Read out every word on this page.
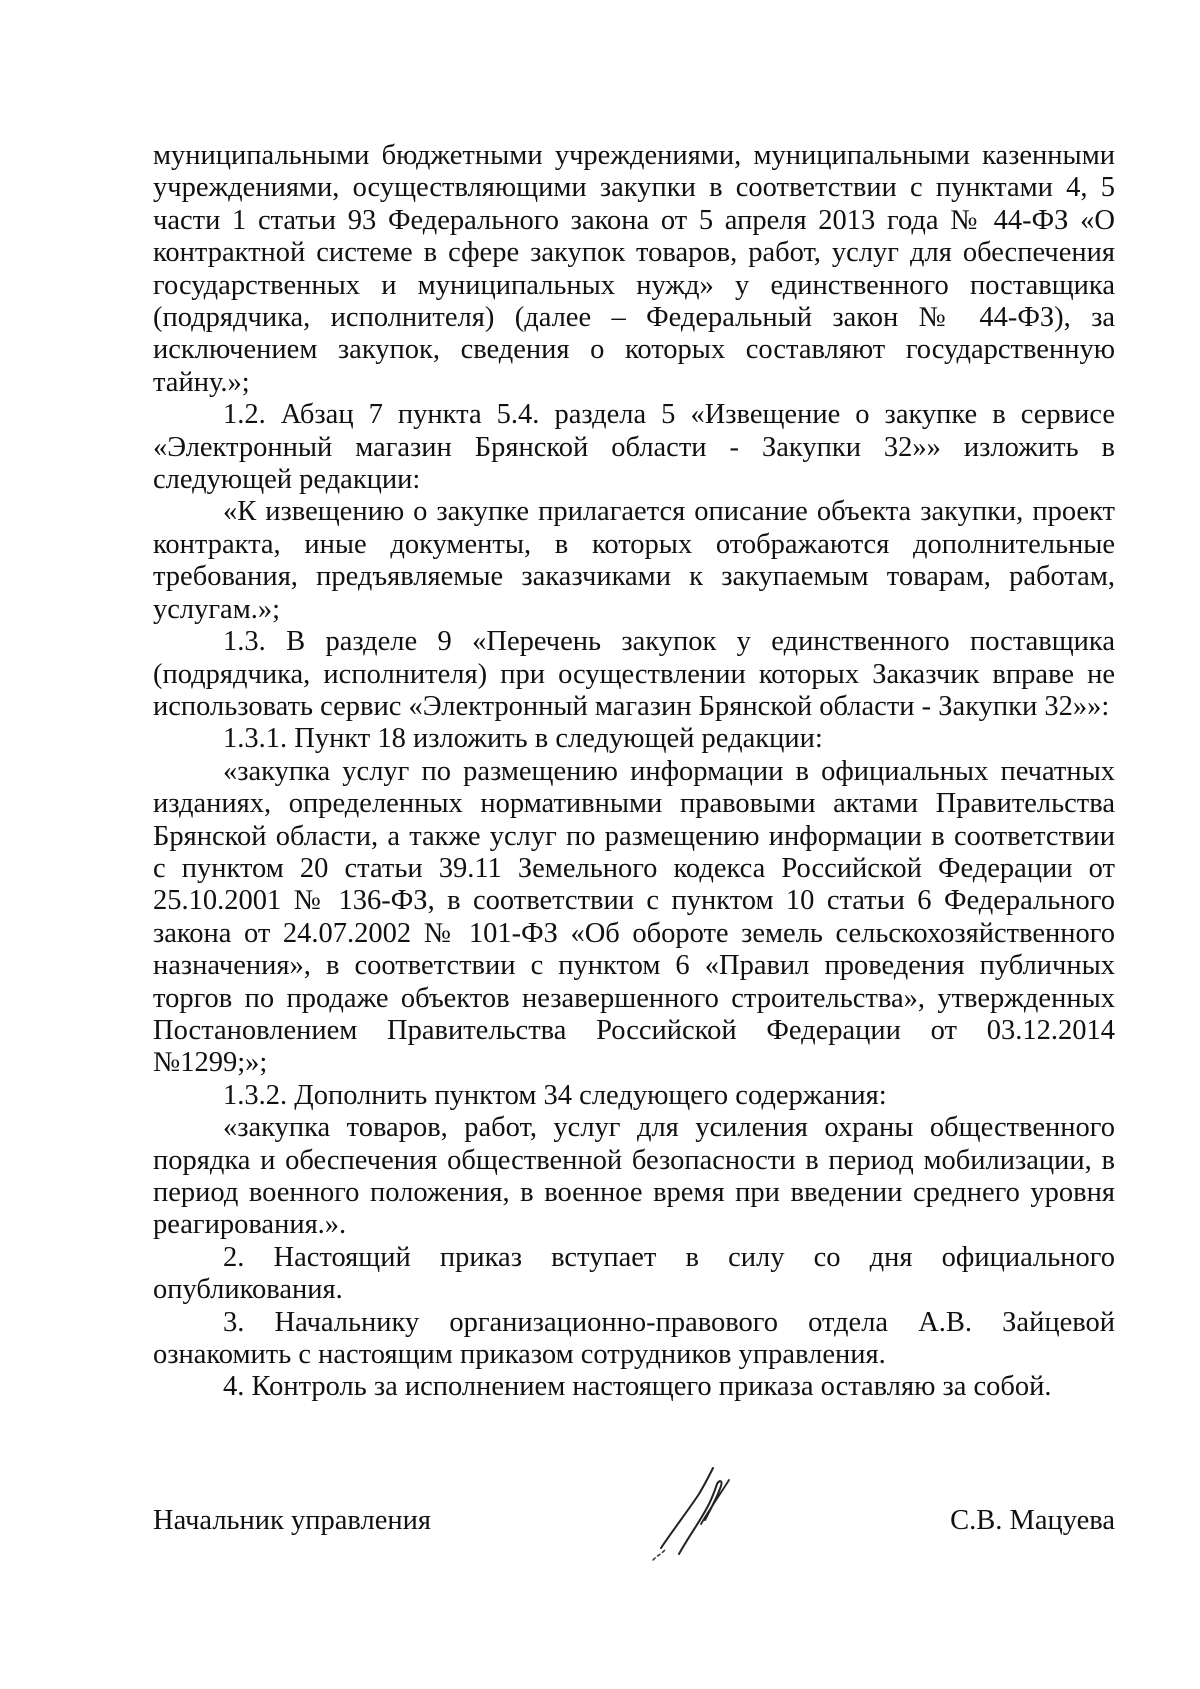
муниципальными бюджетными учреждениями, муниципальными казенными учреждениями, осуществляющими закупки в соответствии с пунктами 4, 5 части 1 статьи 93 Федерального закона от 5 апреля 2013 года № 44-ФЗ «О контрактной системе в сфере закупок товаров, работ, услуг для обеспечения государственных и муниципальных нужд» у единственного поставщика (подрядчика, исполнителя) (далее – Федеральный закон № 44-ФЗ), за исключением закупок, сведения о которых составляют государственную тайну.»;

1.2. Абзац 7 пункта 5.4. раздела 5 «Извещение о закупке в сервисе «Электронный магазин Брянской области - Закупки 32»» изложить в следующей редакции:

«К извещению о закупке прилагается описание объекта закупки, проект контракта, иные документы, в которых отображаются дополнительные требования, предъявляемые заказчиками к закупаемым товарам, работам, услугам.»;

1.3. В разделе 9 «Перечень закупок у единственного поставщика (подрядчика, исполнителя) при осуществлении которых Заказчик вправе не использовать сервис «Электронный магазин Брянской области - Закупки 32»»:

1.3.1. Пункт 18 изложить в следующей редакции:

«закупка услуг по размещению информации в официальных печатных изданиях, определенных нормативными правовыми актами Правительства Брянской области, а также услуг по размещению информации в соответствии с пунктом 20 статьи 39.11 Земельного кодекса Российской Федерации от 25.10.2001 № 136-ФЗ, в соответствии с пунктом 10 статьи 6 Федерального закона от 24.07.2002 № 101-ФЗ «Об обороте земель сельскохозяйственного назначения», в соответствии с пунктом 6 «Правил проведения публичных торгов по продаже объектов незавершенного строительства», утвержденных Постановлением Правительства Российской Федерации от 03.12.2014 №1299;»;

1.3.2. Дополнить пунктом 34 следующего содержания:

«закупка товаров, работ, услуг для усиления охраны общественного порядка и обеспечения общественной безопасности в период мобилизации, в период военного положения, в военное время при введении среднего уровня реагирования.».

2. Настоящий приказ вступает в силу со дня официального опубликования.

3. Начальнику организационно-правового отдела А.В. Зайцевой ознакомить с настоящим приказом сотрудников управления.

4. Контроль за исполнением настоящего приказа оставляю за собой.

Начальник управления	С.В. Мацуева
